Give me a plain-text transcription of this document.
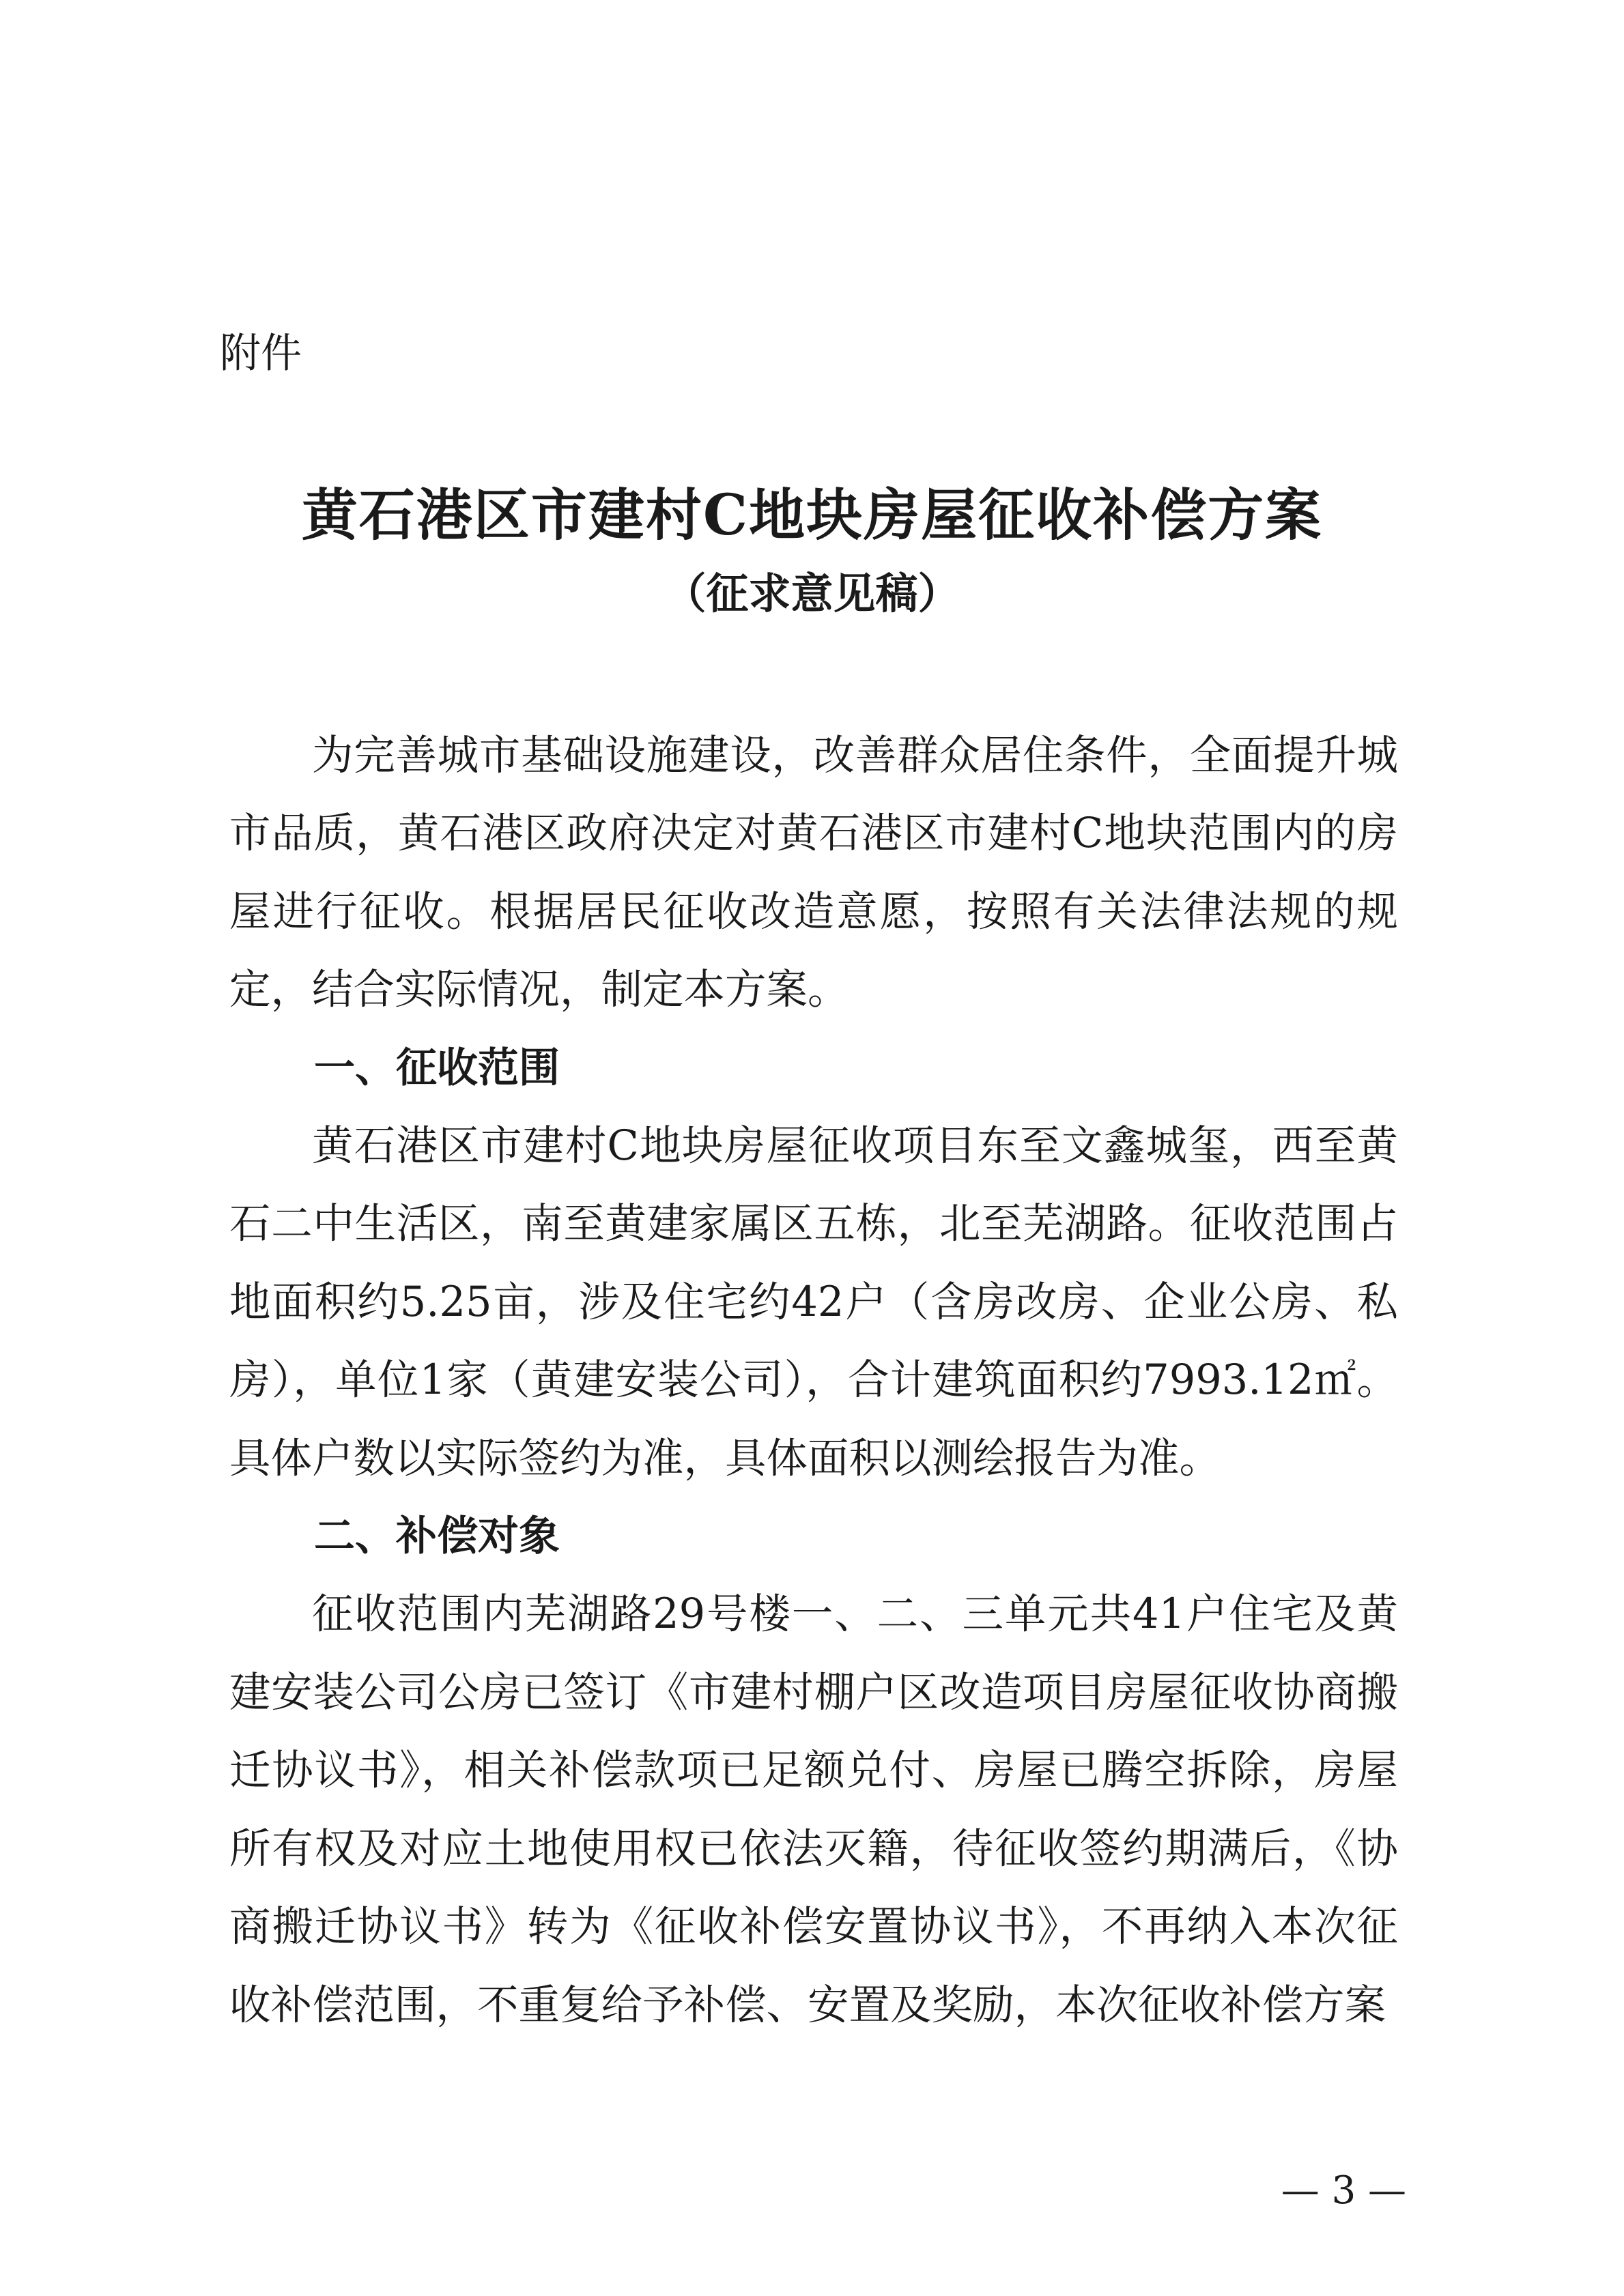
附件
黄石港区市建村C地块房屋征收补偿方案
（征求意见稿）

为完善城市基础设施建设，改善群众居住条件，全面提升城市品质，黄石港区政府决定对黄石港区市建村C地块范围内的房屋进行征收。根据居民征收改造意愿，按照有关法律法规的规定，结合实际情况，制定本方案。

一、征收范围

黄石港区市建村C地块房屋征收项目东至文鑫城玺，西至黄石二中生活区，南至黄建家属区五栋，北至芜湖路。征收范围占地面积约5.25亩，涉及住宅约42户（含房改房、企业公房、私房），单位1家（黄建安装公司），合计建筑面积约7993.12㎡。具体户数以实际签约为准，具体面积以测绘报告为准。

二、补偿对象

征收范围内芜湖路29号楼一、二、三单元共41户住宅及黄建安装公司公房已签订《市建村棚户区改造项目房屋征收协商搬迁协议书》，相关补偿款项已足额兑付、房屋已腾空拆除，房屋所有权及对应土地使用权已依法灭籍，待征收签约期满后，《协商搬迁协议书》转为《征收补偿安置协议书》，不再纳入本次征收补偿范围，不重复给予补偿、安置及奖励，本次征收补偿方案

— 3 —
